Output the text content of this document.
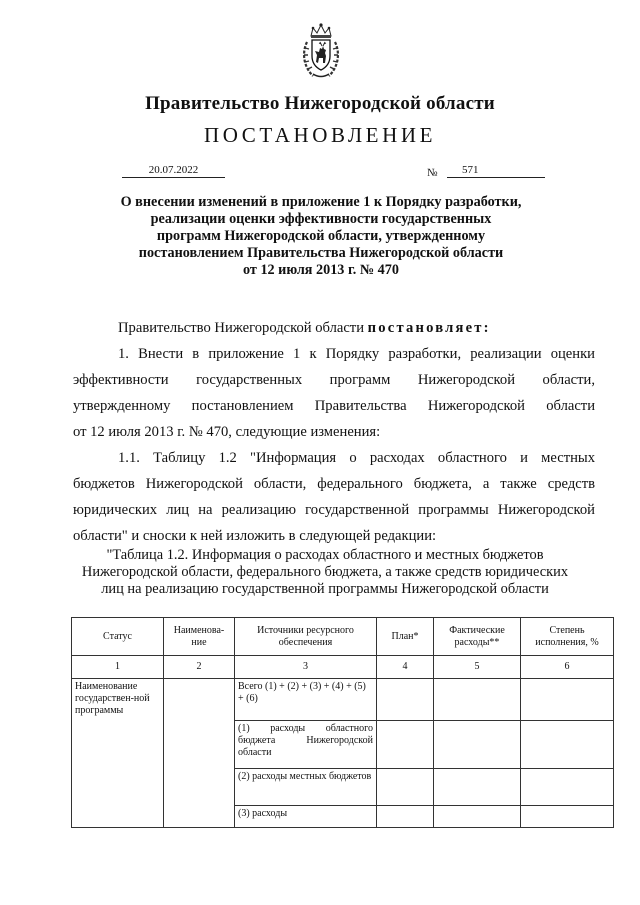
Правительство Нижегородской области
ПОСТАНОВЛЕНИЕ
20.07.2022	№	571
О внесении изменений в приложение 1 к Порядку разработки,
реализации оценки эффективности государственных
программ Нижегородской области, утвержденному
постановлением Правительства Нижегородской области
от 12 июля 2013 г. № 470
Правительство Нижегородской области постановляет:
1. Внести в приложение 1 к Порядку разработки, реализации оценки
эффективности государственных программ Нижегородской области,
утвержденному постановлением Правительства Нижегородской области
от 12 июля 2013 г. № 470, следующие изменения:
1.1. Таблицу 1.2 "Информация о расходах областного и местных
бюджетов Нижегородской области, федерального бюджета, а также средств
юридических лиц на реализацию государственной программы Нижегородской
области" и сноски к ней изложить в следующей редакции:
"Таблица 1.2. Информация о расходах областного и местных бюджетов
Нижегородской области, федерального бюджета, а также средств юридических
лиц на реализацию государственной программы Нижегородской области
Статус	Наименова-ние	Источники ресурсного обеспечения	План*	Фактические расходы**	Степень исполнения, %
1	2	3	4	5	6
Наименование государствен-ной программы		Всего (1) + (2) + (3) + (4) + (5) + (6)			
		(1) расходы областного бюджета Нижегородской области			
		(2) расходы местных бюджетов			
		(3) расходы			
